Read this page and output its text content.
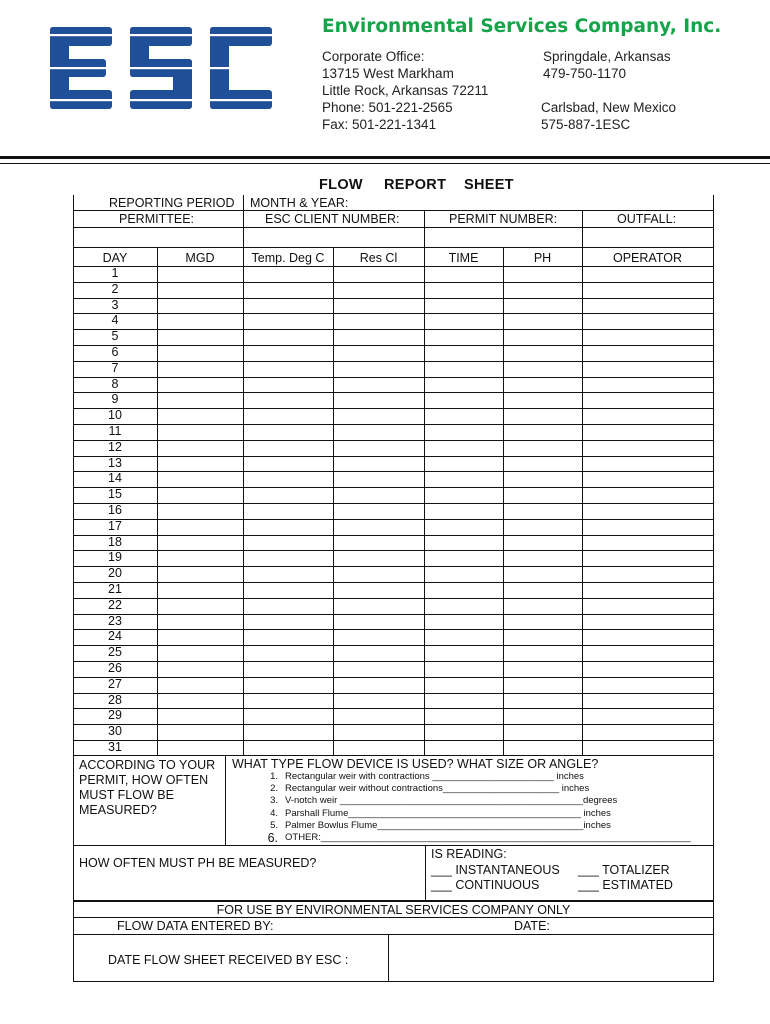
Environmental Services Company, Inc.
Corporate Office:
13715 West Markham
Little Rock, Arkansas 72211
Phone: 501-221-2565
Fax: 501-221-1341
Springdale, Arkansas
479-750-1170
Carlsbad, New Mexico
575-887-1ESC
FLOW REPORT SHEET
REPORTING PERIOD MONTH & YEAR:
PERMITTEE:	ESC CLIENT NUMBER:	PERMIT NUMBER:	OUTFALL:
DAY	MGD	Temp. Deg C	Res Cl	TIME	PH	OPERATOR
1
2
3
4
5
6
7
8
9
10
11
12
13
14
15
16
17
18
19
20
21
22
23
24
25
26
27
28
29
30
31
ACCORDING TO YOUR
PERMIT, HOW OFTEN
MUST FLOW BE
MEASURED?
WHAT TYPE FLOW DEVICE IS USED? WHAT SIZE OR ANGLE?
1. Rectangular weir with contractions _______________________ inches
2. Rectangular weir without contractions______________________ inches
3. V-notch weir ______________________________________________degrees
4. Parshall Flume____________________________________________ inches
5. Palmer Bowlus Flume_______________________________________inches
6. OTHER:______________________________________________________________________
HOW OFTEN MUST PH BE MEASURED?
IS READING:
___ INSTANTANEOUS ___ TOTALIZER
___ CONTINUOUS	___ ESTIMATED
FOR USE BY ENVIRONMENTAL SERVICES COMPANY ONLY
FLOW DATA ENTERED BY:	DATE:
DATE FLOW SHEET RECEIVED BY ESC :
